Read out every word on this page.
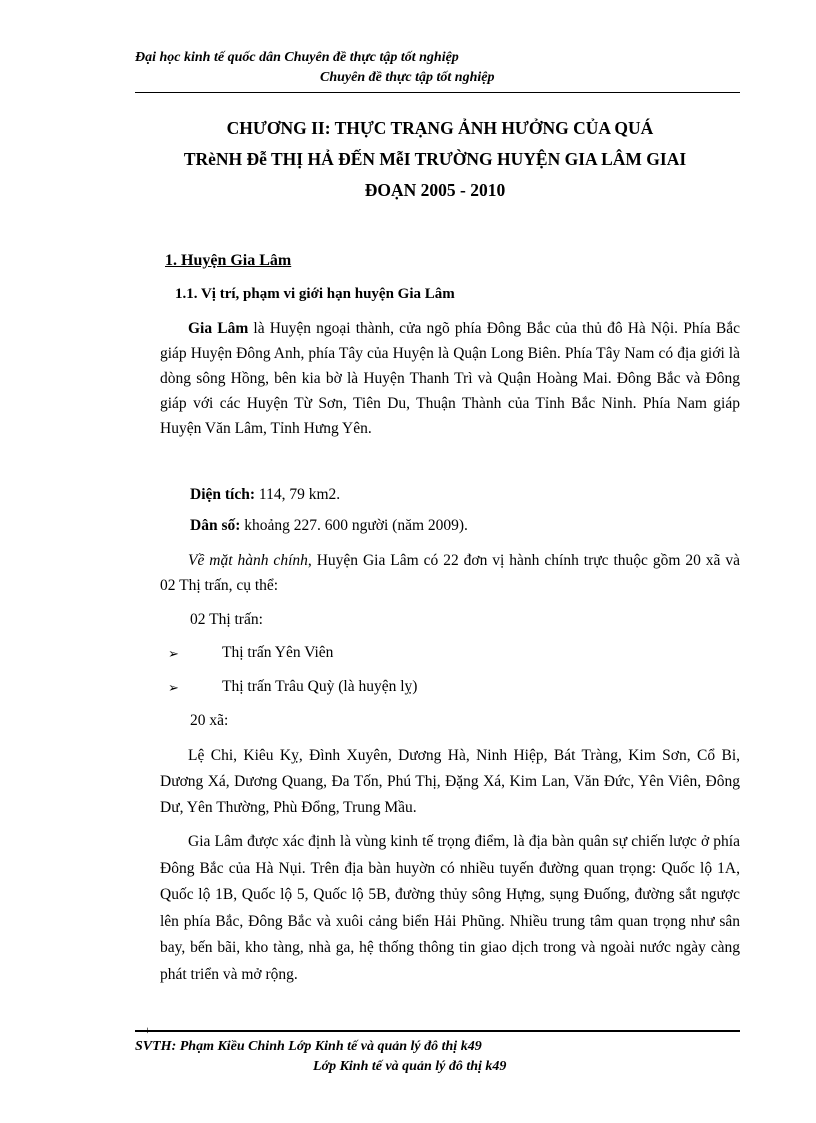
Đại học kinh tế quốc dân Chuyên đề thực tập tốt nghiệp
Chuyên đề thực tập tốt nghiệp
CHƯƠNG II: THỰC TRẠNG ẢNH HƯỞNG CỦA QUÁ
TRèNH Đễ THỊ HẢ ĐẾN MễI TRƯỜNG HUYỆN GIA LÂM GIAI
ĐOẠN 2005 - 2010
1. Huyện Gia Lâm
1.1. Vị trí, phạm vi giới hạn huyện Gia Lâm
Gia Lâm là Huyện ngoại thành, cửa ngõ phía Đông Bắc của thủ đô Hà Nội. Phía Bắc giáp Huyện Đông Anh, phía Tây của Huyện là Quận Long Biên. Phía Tây Nam có địa giới là dòng sông Hồng, bên kia bờ là Huyện Thanh Trì và Quận Hoàng Mai. Đông Bắc và Đông giáp với các Huyện Từ Sơn, Tiên Du, Thuận Thành của Tỉnh Bắc Ninh. Phía Nam giáp Huyện Văn Lâm, Tỉnh Hưng Yên.
Diện tích: 114, 79 km2.
Dân số: khoảng 227. 600 người (năm 2009).
Về mặt hành chính, Huyện Gia Lâm có 22 đơn vị hành chính trực thuộc gồm 20 xã và 02 Thị trấn, cụ thể:
02 Thị trấn:
➢	Thị trấn Yên Viên
➢	Thị trấn Trâu Quỳ (là huyện lỵ)
20 xã:
Lệ Chi, Kiêu Kỵ, Đình Xuyên, Dương Hà, Ninh Hiệp, Bát Tràng, Kim Sơn, Cổ Bi, Dương Xá, Dương Quang, Đa Tốn, Phú Thị, Đặng Xá, Kim Lan, Văn Đức, Yên Viên, Đông Dư, Yên Thường, Phù Đổng, Trung Mầu.
Gia Lâm được xác định là vùng kinh tế trọng điểm, là địa bàn quân sự chiến lược ở phía Đông Bắc của Hà Nụi. Trên địa bàn huyờn có nhiều tuyến đường quan trọng: Quốc lộ 1A, Quốc lộ 1B, Quốc lộ 5, Quốc lộ 5B, đường thủy sông Hựng, sụng Đuống, đường sắt ngược lên phía Bắc, Đông Bắc và xuôi cảng biển Hải Phũng. Nhiều trung tâm quan trọng như sân bay, bến bãi, kho tàng, nhà ga, hệ thống thông tin giao dịch trong và ngoài nước ngày càng phát triển và mở rộng.
+
SVTH: Phạm Kiều Chinh Lớp Kinh tế và quản lý đô thị k49
Lớp Kinh tế và quản lý đô thị k49
